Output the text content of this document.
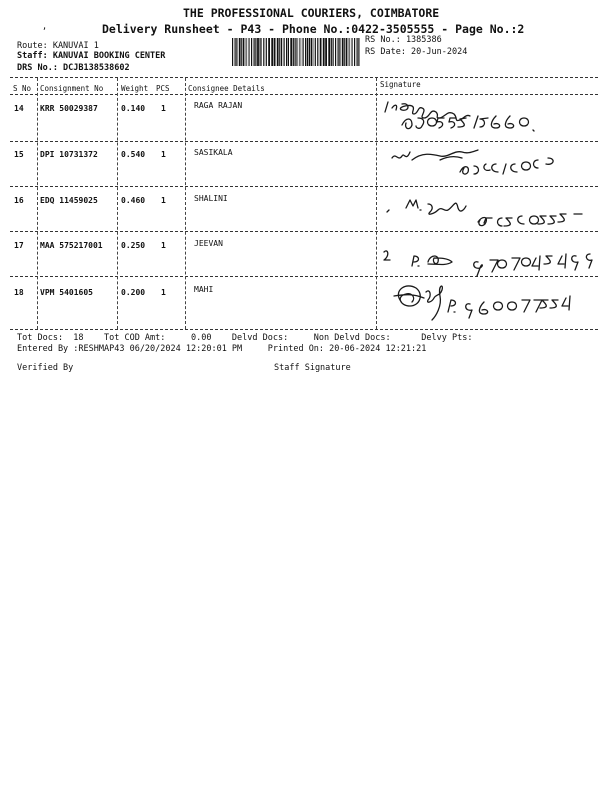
THE PROFESSIONAL COURIERS, COIMBATORE
Delivery Runsheet - P43 - Phone No.:0422-3505555 - Page No.:2
,
Route: KANUVAI 1
Staff: KANUVAI BOOKING CENTER
DRS No.: DCJB138538602
RS No.: 1385386
RS Date: 20-Jun-2024
S No Consignment No Weight PCS Consignee Details	Signature
14 KRR 50029387	0.140 1	RAGA RAJAN
15 DPI 10731372	0.540 1	SASIKALA
16 EDQ 11459025	0.460 1	SHALINI
17 MAA 575217001 0.250 1	JEEVAN
18 VPM 5401605	0.200 1	MAHI
Tot Docs:  18    Tot COD Amt:     0.00    Delvd Docs:     Non Delvd Docs:      Delvy Pts:
Entered By :RESHMAP43 06/20/2024 12:20:01 PM     Printed On: 20-06-2024 12:21:21
Verified By	Staff Signature
